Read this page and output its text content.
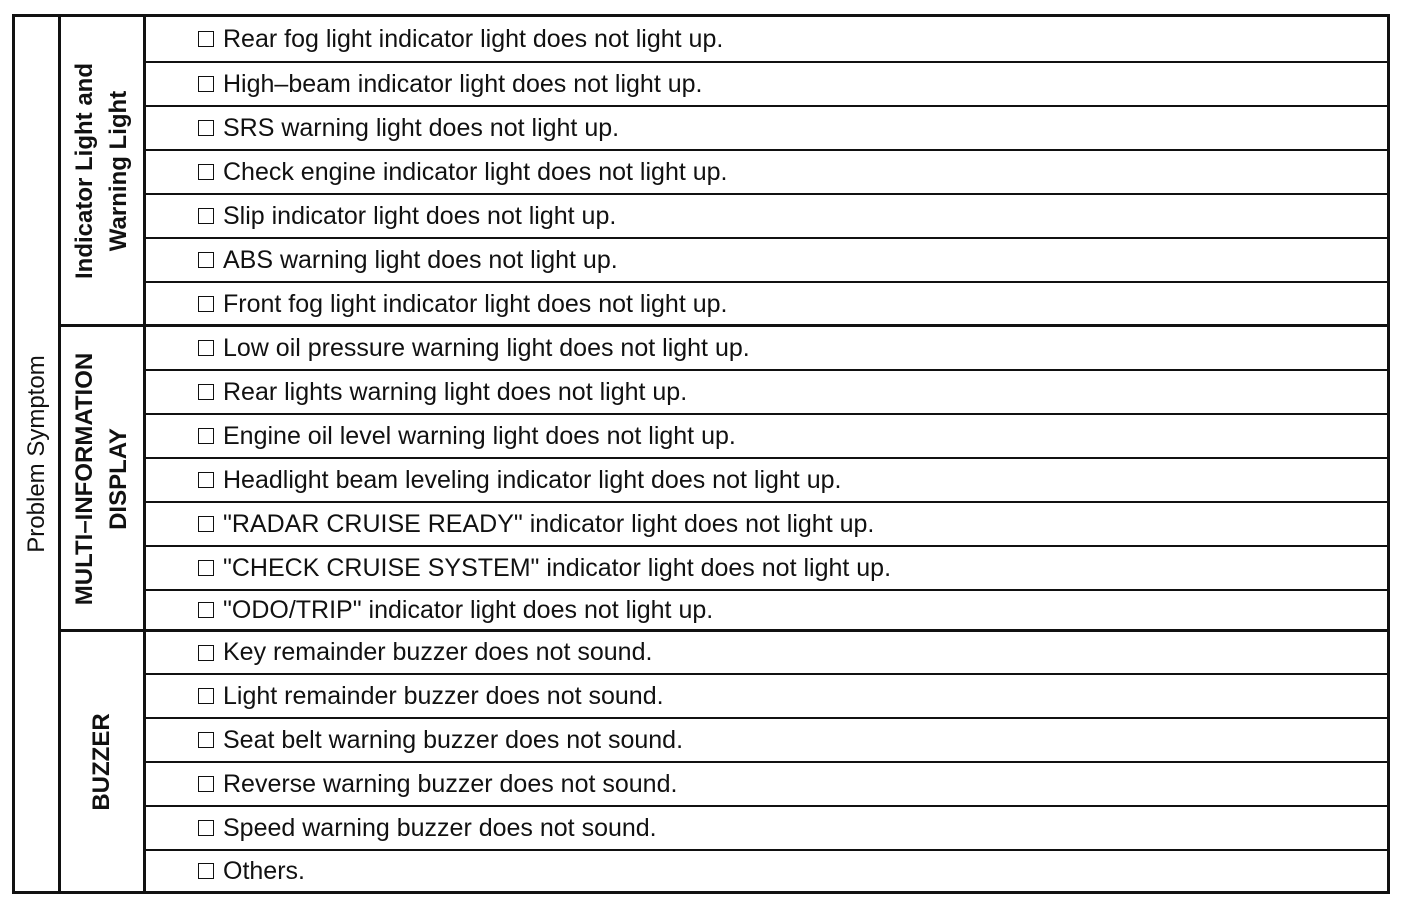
Problem Symptom
Indicator Light and Warning Light
MULTI–INFORMATION DISPLAY
BUZZER
Rear fog light indicator light does not light up.
High–beam indicator light does not light up.
SRS warning light does not light up.
Check engine indicator light does not light up.
Slip indicator light does not light up.
ABS warning light does not light up.
Front fog light indicator light does not light up.
Low oil pressure warning light does not light up.
Rear lights warning light does not light up.
Engine oil level warning light does not light up.
Headlight beam leveling indicator light does not light up.
"RADAR CRUISE READY" indicator light does not light up.
"CHECK CRUISE SYSTEM" indicator light does not light up.
"ODO/TRIP" indicator light does not light up.
Key remainder buzzer does not sound.
Light remainder buzzer does not sound.
Seat belt warning buzzer does not sound.
Reverse warning buzzer does not sound.
Speed warning buzzer does not sound.
Others.
